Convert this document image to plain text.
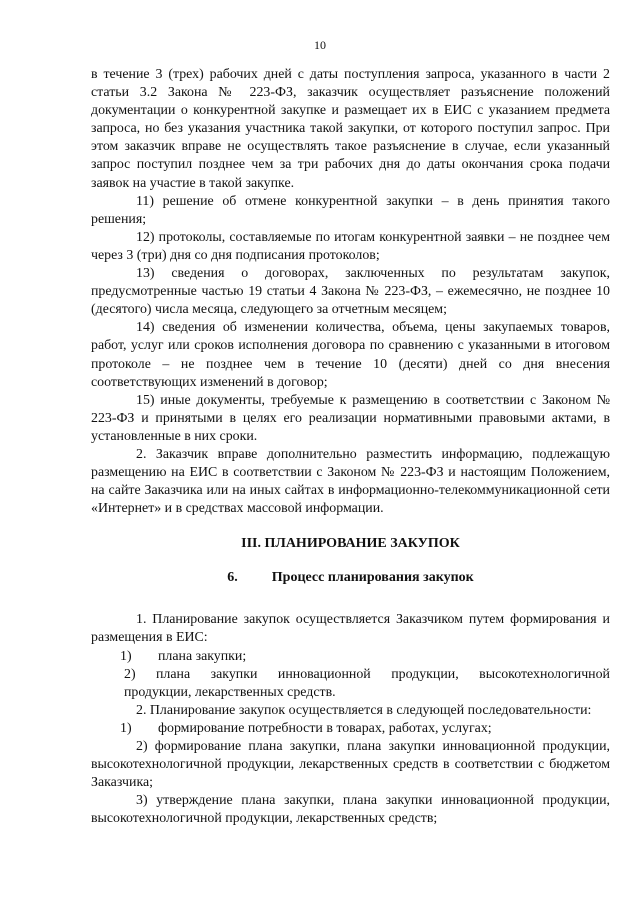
10

в течение 3 (трех) рабочих дней с даты поступления запроса, указанного в части 2 статьи 3.2 Закона № 223-ФЗ, заказчик осуществляет разъяснение положений документации о конкурентной закупке и размещает их в ЕИС с указанием предмета запроса, но без указания участника такой закупки, от которого поступил запрос. При этом заказчик вправе не осуществлять такое разъяснение в случае, если указанный запрос поступил позднее чем за три рабочих дня до даты окончания срока подачи заявок на участие в такой закупке.

11) решение об отмене конкурентной закупки – в день принятия такого решения;

12) протоколы, составляемые по итогам конкурентной заявки – не позднее чем через 3 (три) дня со дня подписания протоколов;

13) сведения о договорах, заключенных по результатам закупок, предусмотренные частью 19 статьи 4 Закона № 223-ФЗ, – ежемесячно, не позднее 10 (десятого) числа месяца, следующего за отчетным месяцем;

14) сведения об изменении количества, объема, цены закупаемых товаров, работ, услуг или сроков исполнения договора по сравнению с указанными в итоговом протоколе – не позднее чем в течение 10 (десяти) дней со дня внесения соответствующих изменений в договор;

15) иные документы, требуемые к размещению в соответствии с Законом № 223-ФЗ и принятыми в целях его реализации нормативными правовыми актами, в установленные в них сроки.

2. Заказчик вправе дополнительно разместить информацию, подлежащую размещению на ЕИС в соответствии с Законом № 223-ФЗ и настоящим Положением, на сайте Заказчика или на иных сайтах в информационно-телекоммуникационной сети «Интернет» и в средствах массовой информации.

III. ПЛАНИРОВАНИЕ ЗАКУПОК
6. Процесс планирования закупок

1. Планирование закупок осуществляется Заказчиком путем формирования и размещения в ЕИС:

1) плана закупки;

2) плана закупки инновационной продукции, высокотехнологичной продукции, лекарственных средств.

2. Планирование закупок осуществляется в следующей последовательности:

1) формирование потребности в товарах, работах, услугах;

2) формирование плана закупки, плана закупки инновационной продукции, высокотехнологичной продукции, лекарственных средств в соответствии с бюджетом Заказчика;

3) утверждение плана закупки, плана закупки инновационной продукции, высокотехнологичной продукции, лекарственных средств;
